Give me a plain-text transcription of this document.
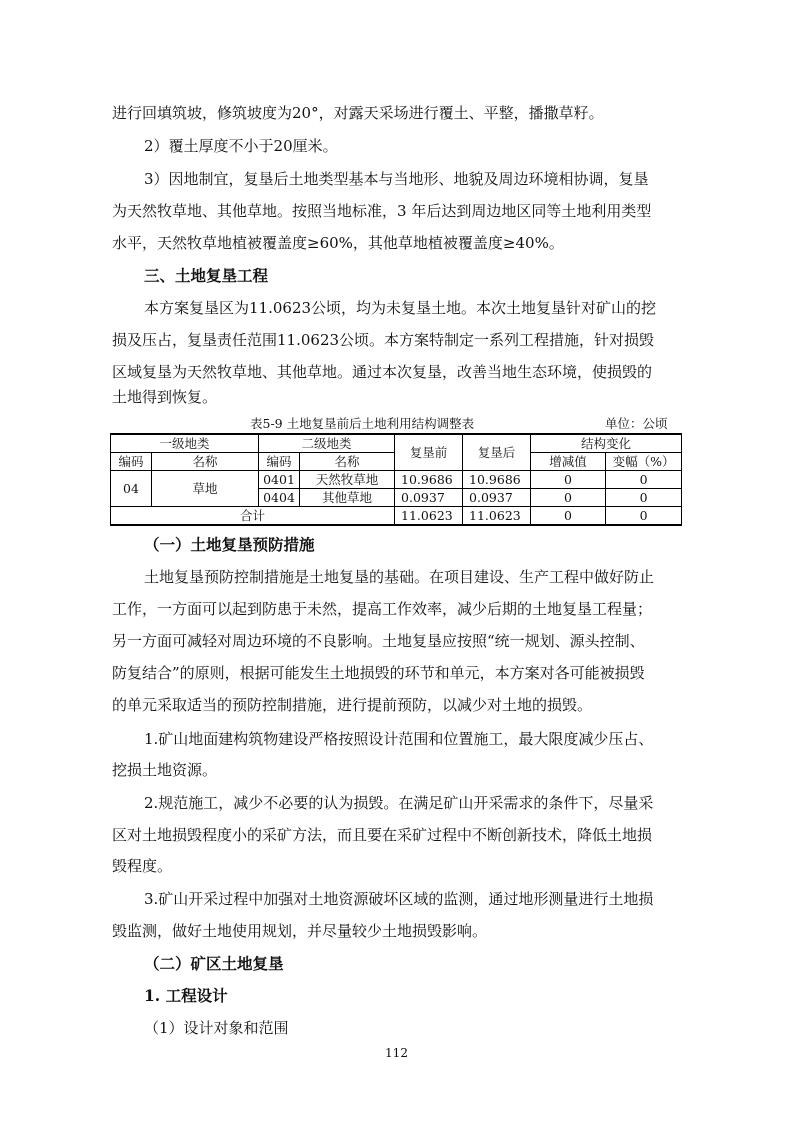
进行回填筑坡，修筑坡度为20°，对露天采场进行覆土、平整，播撒草籽。

2）覆土厚度不小于20厘米。

3）因地制宜，复垦后土地类型基本与当地形、地貌及周边环境相协调，复垦

为天然牧草地、其他草地。按照当地标准，3 年后达到周边地区同等土地利用类型

水平，天然牧草地植被覆盖度≥60%，其他草地植被覆盖度≥40%。

三、土地复垦工程

本方案复垦区为11.0623公顷，均为未复垦土地。本次土地复垦针对矿山的挖

损及压占，复垦责任范围11.0623公顷。本方案特制定一系列工程措施，针对损毁

区域复垦为天然牧草地、其他草地。通过本次复垦，改善当地生态环境，使损毁的

土地得到恢复。

表5-9 土地复垦前后土地利用结构调整表	单位：公顷
一级地类		二级地类		复垦前	复垦后	结构变化	
编码	名称	编码	名称			增减值	变幅（%）
04	草地	0401	天然牧草地	10.9686	10.9686	0	0
		0404	其他草地	0.0937	0.0937	0	0
合计				11.0623	11.0623	0	0

（一）土地复垦预防措施

土地复垦预防控制措施是土地复垦的基础。在项目建设、生产工程中做好防止

工作，一方面可以起到防患于未然，提高工作效率，减少后期的土地复垦工程量；

另一方面可减轻对周边环境的不良影响。土地复垦应按照“统一规划、源头控制、

防复结合”的原则，根据可能发生土地损毁的环节和单元，本方案对各可能被损毁

的单元采取适当的预防控制措施，进行提前预防，以减少对土地的损毁。

1.矿山地面建构筑物建设严格按照设计范围和位置施工，最大限度减少压占、

挖损土地资源。

2.规范施工，减少不必要的认为损毁。在满足矿山开采需求的条件下，尽量采

区对土地损毁程度小的采矿方法，而且要在采矿过程中不断创新技术，降低土地损

毁程度。

3.矿山开采过程中加强对土地资源破坏区域的监测，通过地形测量进行土地损

毁监测，做好土地使用规划，并尽量较少土地损毁影响。

（二）矿区土地复垦

1. 工程设计

（1）设计对象和范围

112
